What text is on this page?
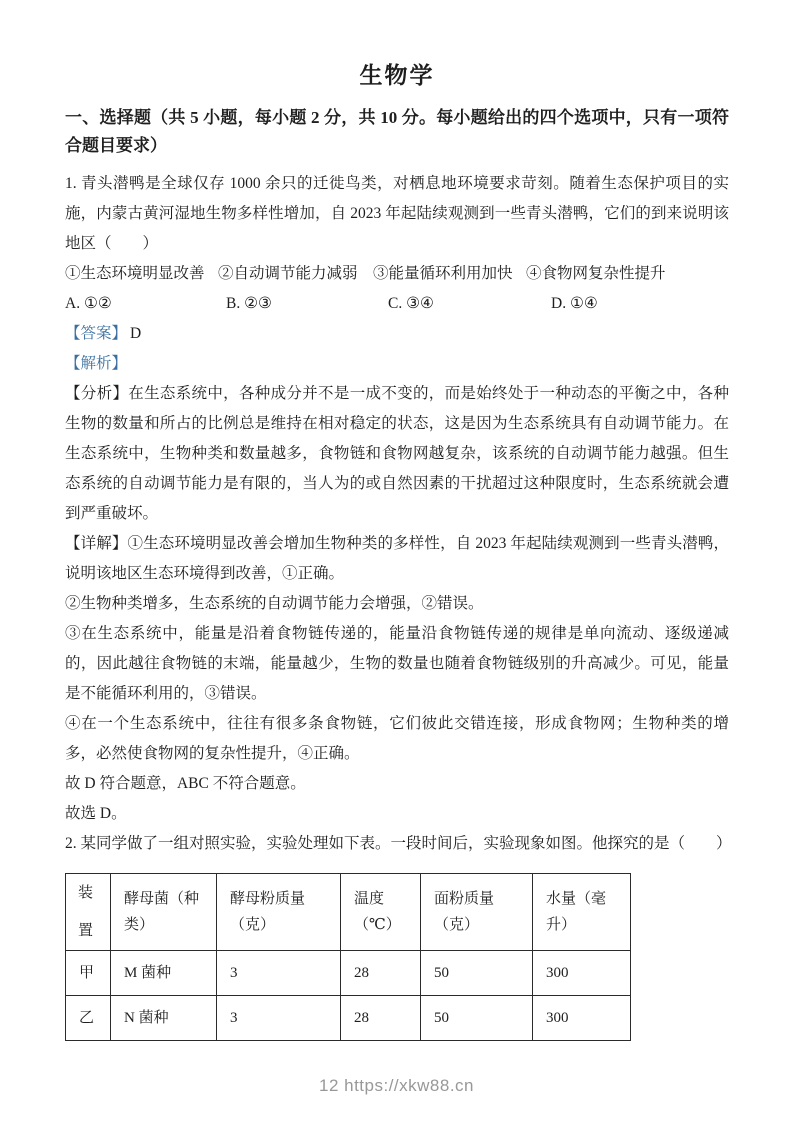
生物学
一、选择题（共 5 小题，每小题 2 分，共 10 分。每小题给出的四个选项中，只有一项符合题目要求）

1. 青头潜鸭是全球仅存 1000 余只的迁徙鸟类，对栖息地环境要求苛刻。随着生态保护项目的实施，内蒙古黄河湿地生物多样性增加，自 2023 年起陆续观测到一些青头潜鸭，它们的到来说明该地区（　　）

①生态环境明显改善 ②自动调节能力减弱 ③能量循环利用加快 ④食物网复杂性提升
A. ①②	B. ②③	C. ③④	D. ①④

【答案】 D

【解析】

【分析】在生态系统中，各种成分并不是一成不变的，而是始终处于一种动态的平衡之中，各种生物的数量和所占的比例总是维持在相对稳定的状态，这是因为生态系统具有自动调节能力。在生态系统中，生物种类和数量越多，食物链和食物网越复杂，该系统的自动调节能力越强。但生态系统的自动调节能力是有限的，当人为的或自然因素的干扰超过这种限度时，生态系统就会遭到严重破坏。

【详解】①生态环境明显改善会增加生物种类的多样性，自 2023 年起陆续观测到一些青头潜鸭，说明该地区生态环境得到改善，①正确。

②生物种类增多，生态系统的自动调节能力会增强，②错误。

③在生态系统中，能量是沿着食物链传递的，能量沿食物链传递的规律是单向流动、逐级递减的，因此越往食物链的末端，能量越少，生物的数量也随着食物链级别的升高减少。可见，能量是不能循环利用的，③错误。

④在一个生态系统中，往往有很多条食物链，它们彼此交错连接，形成食物网；生物种类的增多，必然使食物网的复杂性提升，④正确。

故 D 符合题意，ABC 不符合题意。

故选 D。

2. 某同学做了一组对照实验，实验处理如下表。一段时间后，实验现象如图。他探究的是（　　）

装置	酵母菌（种类）	酵母粉质量（克）	温度（℃）	面粉质量（克）	水量（毫升）
甲	M 菌种	3	28	50	300
乙	N 菌种	3	28	50	300
12 https://xkw88.cn
